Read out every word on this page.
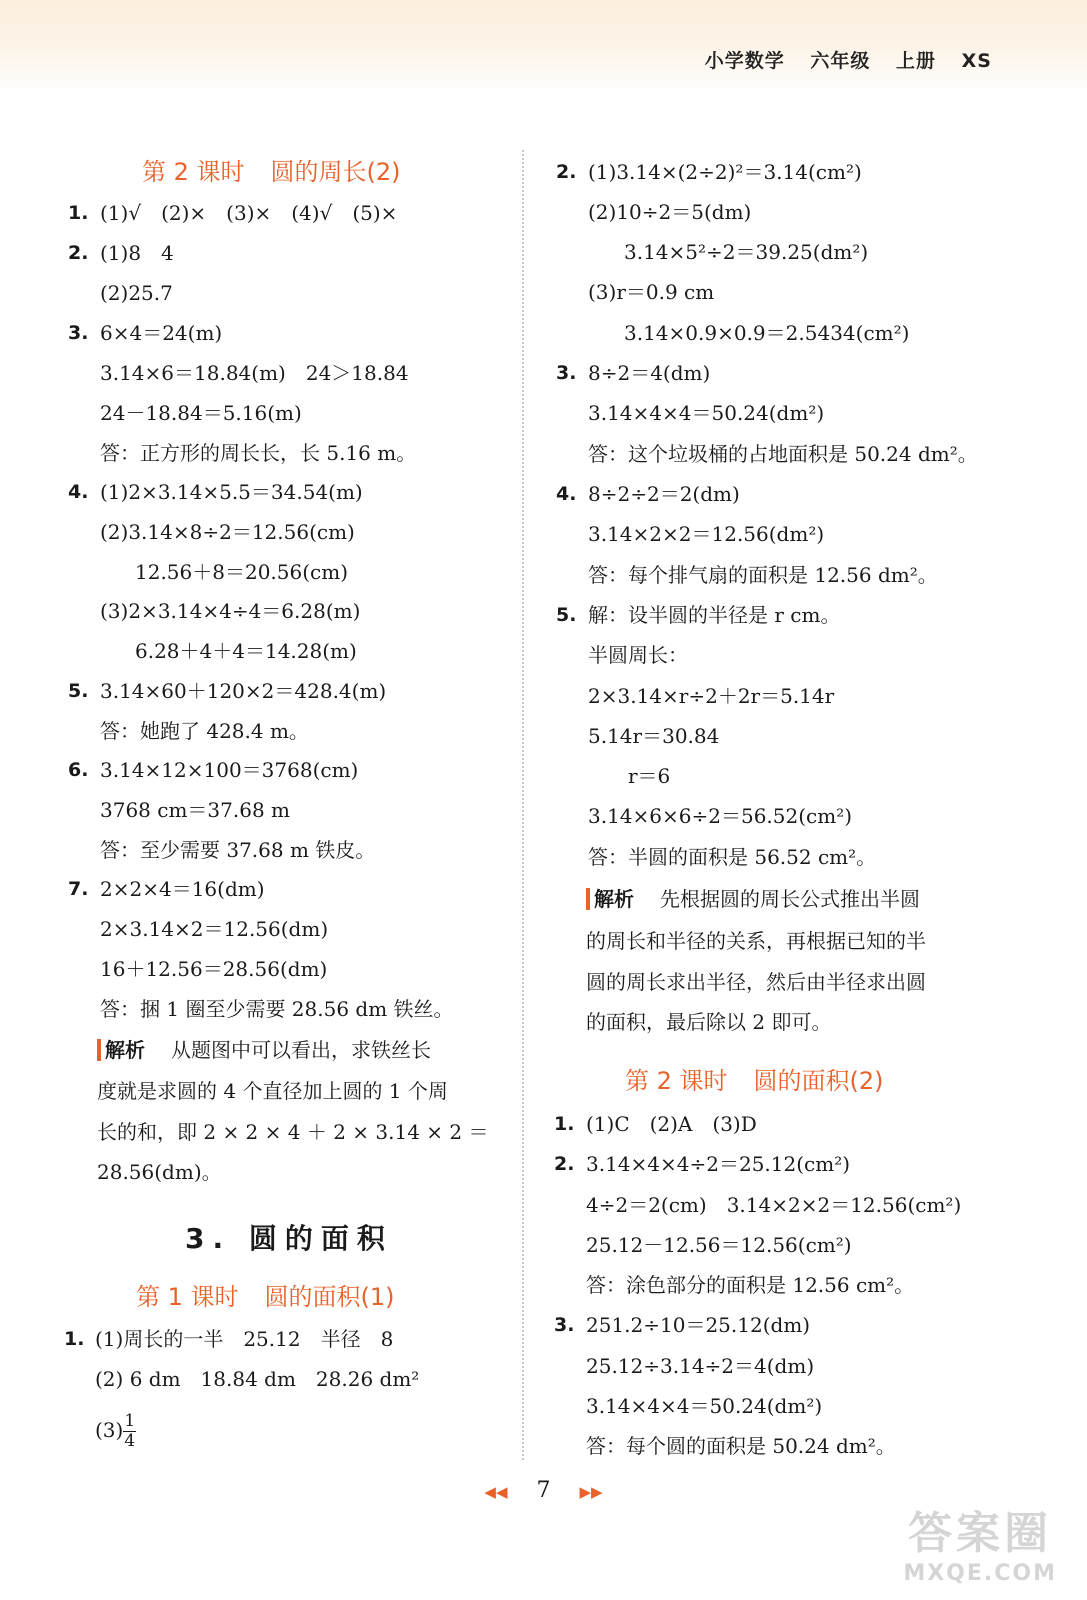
小学数学 六年级 上册 XS
第 2 课时 圆的周长(2)
1. (1)√　(2)×　(3)×　(4)√　(5)×
2. (1)8　4
(2)25.7
3. 6×4＝24(m)
3.14×6＝18.84(m)　24＞18.84
24－18.84＝5.16(m)
答：正方形的周长长，长 5.16 m。
4. (1)2×3.14×5.5＝34.54(m)
(2)3.14×8÷2＝12.56(cm)
12.56＋8＝20.56(cm)
(3)2×3.14×4÷4＝6.28(m)
6.28＋4＋4＝14.28(m)
5. 3.14×60＋120×2＝428.4(m)
答：她跑了 428.4 m。
6. 3.14×12×100＝3768(cm)
3768 cm＝37.68 m
答：至少需要 37.68 m 铁皮。
7. 2×2×4＝16(dm)
2×3.14×2＝12.56(dm)
16＋12.56＝28.56(dm)
答：捆 1 圈至少需要 28.56 dm 铁丝。
解析 从题图中可以看出，求铁丝长
度就是求圆的 4 个直径加上圆的 1 个周
长的和，即 2 × 2 × 4 ＋ 2 × 3.14 × 2 ＝
28.56(dm)。
3. 圆的面积
第 1 课时 圆的面积(1)
1. (1)周长的一半　25.12　半径　8
(2) 6 dm　18.84 dm　28.26 dm²
$(3) \frac{1}{4}$
2. (1)3.14×(2÷2)²＝3.14(cm²)
(2)10÷2＝5(dm)
3.14×5²÷2＝39.25(dm²)
(3)r＝0.9 cm
3.14×0.9×0.9＝2.5434(cm²)
3. 8÷2＝4(dm)
3.14×4×4＝50.24(dm²)
答：这个垃圾桶的占地面积是 50.24 dm²。
4. 8÷2÷2＝2(dm)
3.14×2×2＝12.56(dm²)
答：每个排气扇的面积是 12.56 dm²。
5. 解：设半圆的半径是 r cm。
半圆周长：
2×3.14×r÷2＋2r＝5.14r
5.14r＝30.84
r＝6
3.14×6×6÷2＝56.52(cm²)
答：半圆的面积是 56.52 cm²。
解析 先根据圆的周长公式推出半圆
的周长和半径的关系，再根据已知的半
圆的周长求出半径，然后由半径求出圆
的面积，最后除以 2 即可。
第 2 课时 圆的面积(2)
1. (1)C　(2)A　(3)D
2. 3.14×4×4÷2＝25.12(cm²)
4÷2＝2(cm)　3.14×2×2＝12.56(cm²)
25.12－12.56＝12.56(cm²)
答：涂色部分的面积是 12.56 cm²。
3. 251.2÷10＝25.12(dm)
25.12÷3.14÷2＝4(dm)
3.14×4×4＝50.24(dm²)
答：每个圆的面积是 50.24 dm²。
◀◀ 7 ▶▶
答案圈
MXQE.COM
